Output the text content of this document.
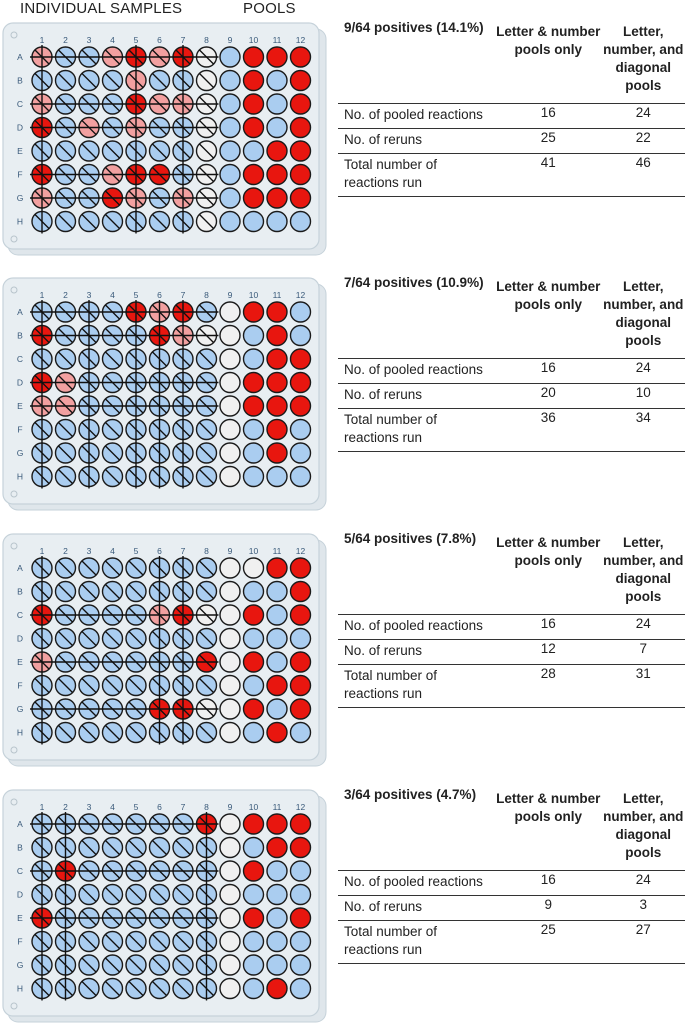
INDIVIDUAL SAMPLES	POOLS
1 2 3 4 5 6 7 8 9 10 11 12
A
B
C
D
E
F
G
H
9/64 positives (14.1%)	Letter & number pools only	Letter, number, and diagonal pools
No. of pooled reactions	16	24
No. of reruns	25	22
Total number of reactions run	41	46
1 2 3 4 5 6 7 8 9 10 11 12
A
B
C
D
E
F
G
H
7/64 positives (10.9%)	Letter & number pools only	Letter, number, and diagonal pools
No. of pooled reactions	16	24
No. of reruns	20	10
Total number of reactions run	36	34
1 2 3 4 5 6 7 8 9 10 11 12
A
B
C
D
E
F
G
H
5/64 positives (7.8%)	Letter & number pools only	Letter, number, and diagonal pools
No. of pooled reactions	16	24
No. of reruns	12	7
Total number of reactions run	28	31
1 2 3 4 5 6 7 8 9 10 11 12
A
B
C
D
E
F
G
H
3/64 positives (4.7%)	Letter & number pools only	Letter, number, and diagonal pools
No. of pooled reactions	16	24
No. of reruns	9	3
Total number of reactions run	25	27
